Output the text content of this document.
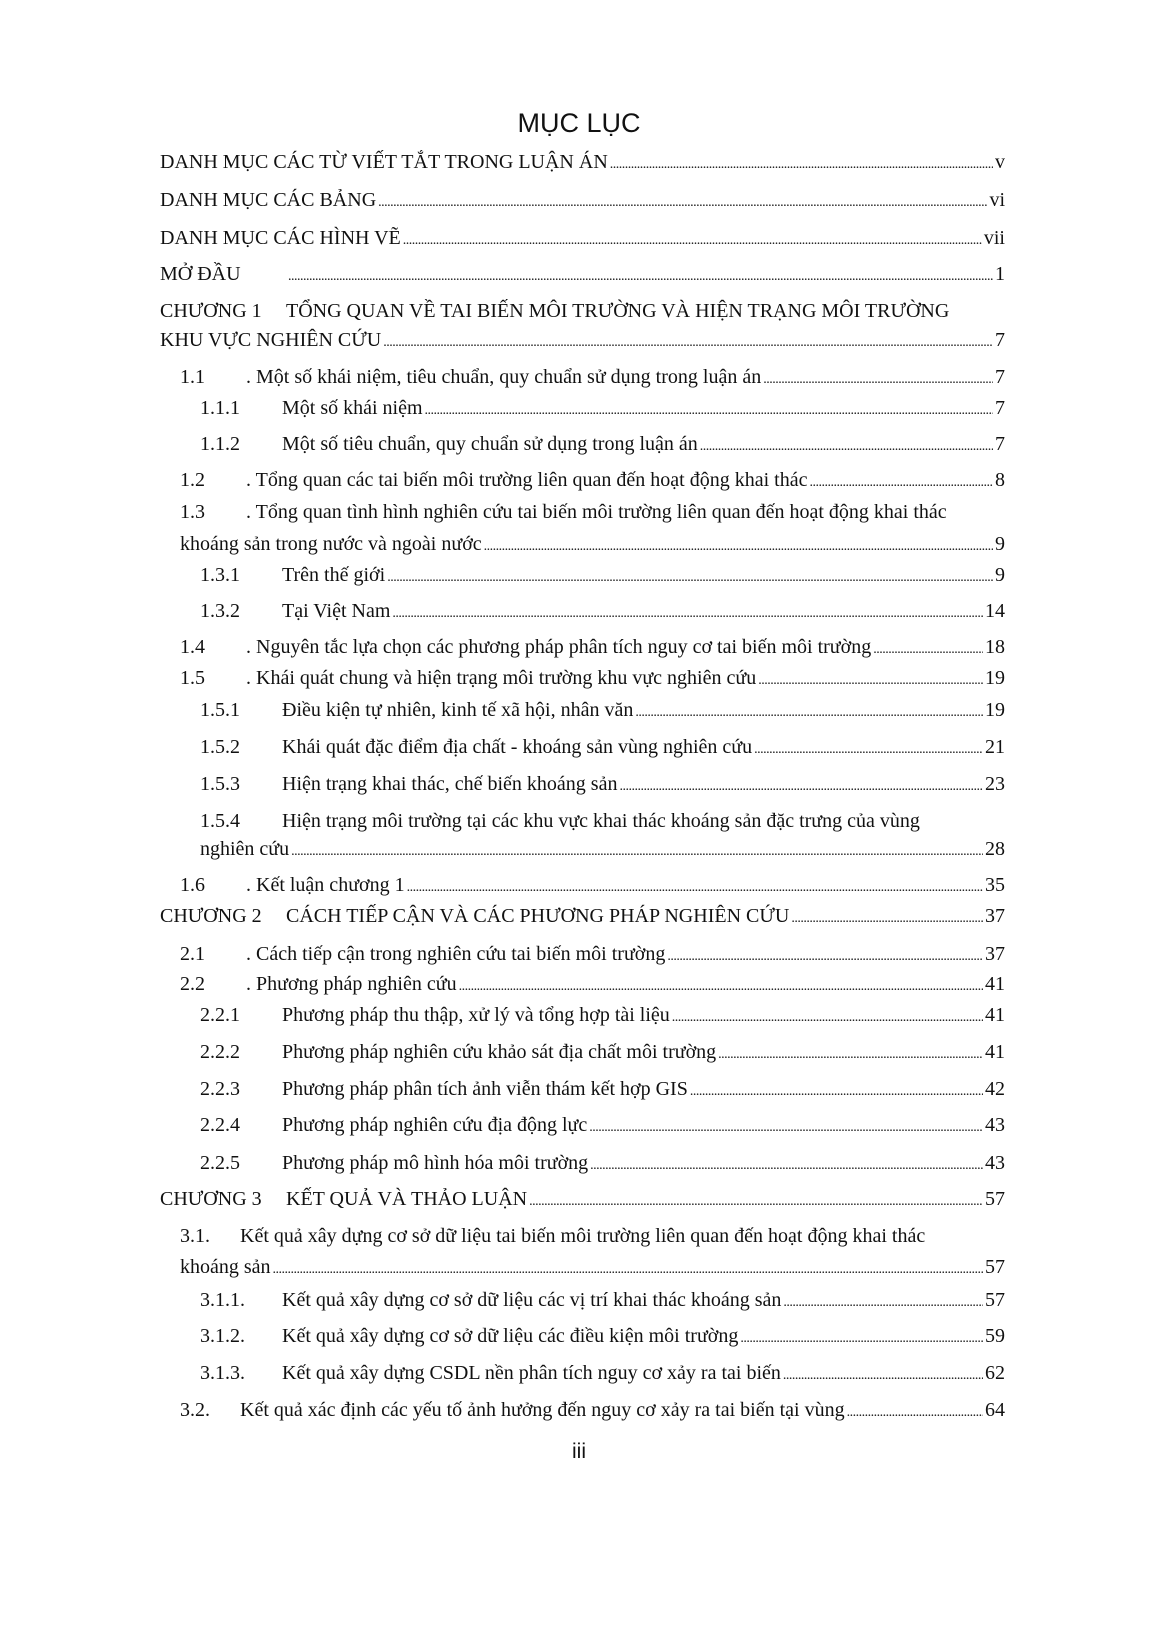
MỤC LỤC
DANH MỤC CÁC TỪ VIẾT TẮT TRONG LUẬN ÁN . . .	v
DANH MỤC CÁC BẢNG . . .	vi
DANH MỤC CÁC HÌNH VẼ . . .	vii
MỞ ĐẦU . . .	1
CHƯƠNG 1	TỔNG QUAN VỀ TAI BIẾN MÔI TRƯỜNG VÀ HIỆN TRẠNG MÔI TRƯỜNG
KHU VỰC NGHIÊN CỨU . . .	7
1.1	. Một số khái niệm, tiêu chuẩn, quy chuẩn sử dụng trong luận án . . .	7
1.1.1	Một số khái niệm . . .	7
1.1.2	Một số tiêu chuẩn, quy chuẩn sử dụng trong luận án . . .	7
1.2	. Tổng quan các tai biến môi trường liên quan đến hoạt động khai thác . . .	8
1.3	. Tổng quan tình hình nghiên cứu tai biến môi trường liên quan đến hoạt động khai thác
khoáng sản trong nước và ngoài nước . . .	9
1.3.1	Trên thế giới . . .	9
1.3.2	Tại Việt Nam . . .	14
1.4	. Nguyên tắc lựa chọn các phương pháp phân tích nguy cơ tai biến môi trường . . .	18
1.5	. Khái quát chung và hiện trạng môi trường khu vực nghiên cứu . . .	19
1.5.1	Điều kiện tự nhiên, kinh tế xã hội, nhân văn . . .	19
1.5.2	Khái quát đặc điểm địa chất - khoáng sản vùng nghiên cứu . . .	21
1.5.3	Hiện trạng khai thác, chế biến khoáng sản . . .	23
1.5.4	Hiện trạng môi trường tại các khu vực khai thác khoáng sản đặc trưng của vùng
nghiên cứu . . .	28
1.6	. Kết luận chương 1 . . .	35
CHƯƠNG 2	CÁCH TIẾP CẬN VÀ CÁC PHƯƠNG PHÁP NGHIÊN CỨU . . .	37
2.1	. Cách tiếp cận trong nghiên cứu tai biến môi trường . . .	37
2.2	. Phương pháp nghiên cứu . . .	41
2.2.1	Phương pháp thu thập, xử lý và tổng hợp tài liệu . . .	41
2.2.2	Phương pháp nghiên cứu khảo sát địa chất môi trường . . .	41
2.2.3	Phương pháp phân tích ảnh viễn thám kết hợp GIS . . .	42
2.2.4	Phương pháp nghiên cứu địa động lực . . .	43
2.2.5	Phương pháp mô hình hóa môi trường . . .	43
CHƯƠNG 3	KẾT QUẢ VÀ THẢO LUẬN . . .	57
3.1.	Kết quả xây dựng cơ sở dữ liệu tai biến môi trường liên quan đến hoạt động khai thác
khoáng sản . . .	57
3.1.1.	Kết quả xây dựng cơ sở dữ liệu các vị trí khai thác khoáng sản . . .	57
3.1.2.	Kết quả xây dựng cơ sở dữ liệu các điều kiện môi trường . . .	59
3.1.3.	Kết quả xây dựng CSDL nền phân tích nguy cơ xảy ra tai biến . . .	62
3.2.	Kết quả xác định các yếu tố ảnh hưởng đến nguy cơ xảy ra tai biến tại vùng . . .	64
iii
